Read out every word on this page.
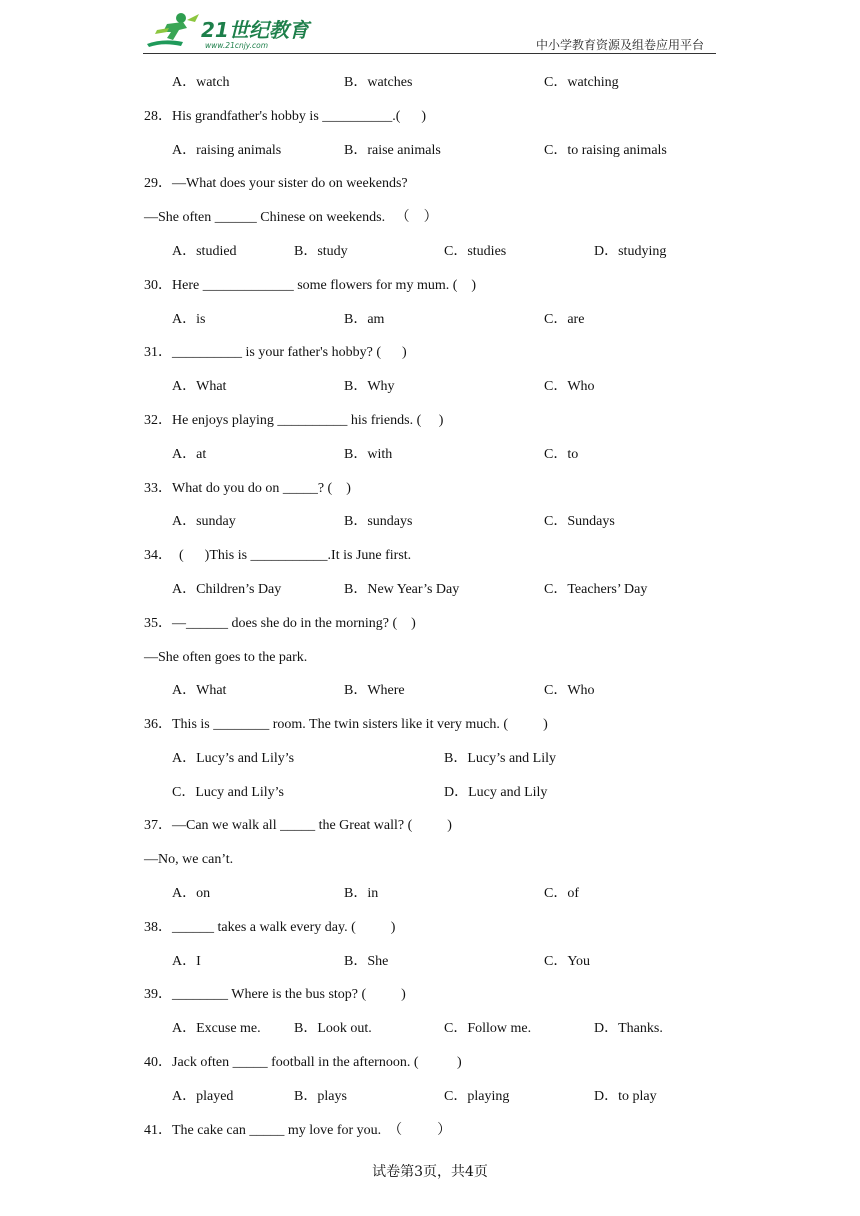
21世纪教育
www.21cnjy.com	中小学教育资源及组卷应用平台
A．watch	B．watches	C．watching
28．His grandfather's hobby is __________.(      )
A．raising animals	B．raise animals	C．to raising animals
29．—What does your sister do on weekends?
—She often ______ Chinese on weekends.   （    ）
A．studied	B．study	C．studies	D．studying
30．Here _____________ some flowers for my mum. (    )
A．is	B．am	C．are
31．__________ is your father's hobby? (      )
A．What	B．Why	C．Who
32．He enjoys playing __________ his friends. (     )
A．at	B．with	C．to
33．What do you do on _____? (    )
A．sunday	B．sundays	C．Sundays
34．  (      )This is ___________.It is June first.
A．Children’s Day	B．New Year’s Day	C．Teachers’ Day
35．—______ does she do in the morning? (    )
—She often goes to the park.
A．What	B．Where	C．Who
36．This is ________ room. The twin sisters like it very much. (          )
A．Lucy’s and Lily’s	B．Lucy’s and Lily
C．Lucy and Lily’s	D．Lucy and Lily
37．—Can we walk all _____ the Great wall? (          )
—No, we can’t.
A．on	B．in	C．of
38．______ takes a walk every day. (          )
A．I	B．She	C．You
39．________ Where is the bus stop? (          )
A．Excuse me. B．Look out.	C．Follow me.	D．Thanks.
40．Jack often _____ football in the afternoon. (           )
A．played	B．plays	C．playing	D．to play
41．The cake can _____ my love for you.  （          ）
试卷第3页，共4页
